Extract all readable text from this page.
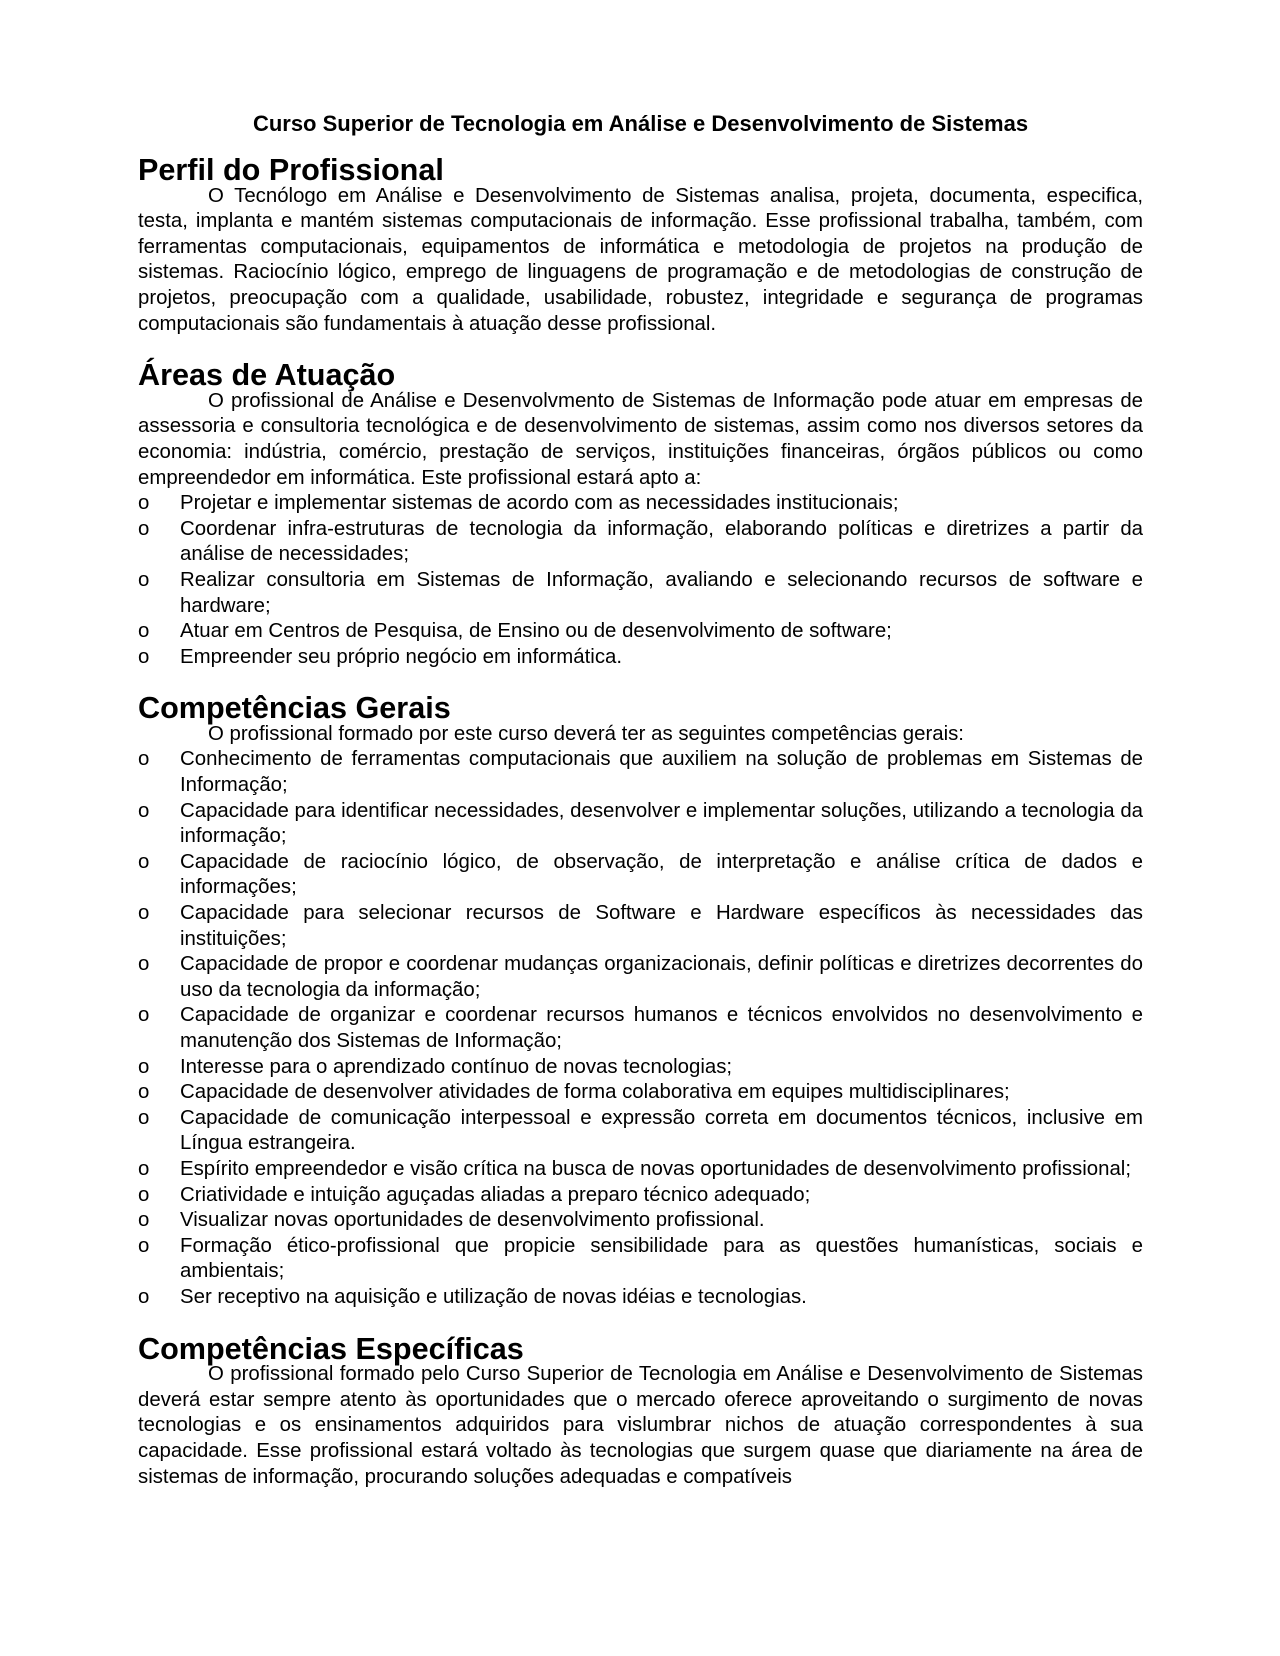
Curso Superior de Tecnologia em Análise e Desenvolvimento de Sistemas
Perfil do Profissional

O Tecnólogo em Análise e Desenvolvimento de Sistemas analisa, projeta, documenta, especifica, testa, implanta e mantém sistemas computacionais de informação. Esse profissional trabalha, também, com ferramentas computacionais, equipamentos de informática e metodologia de projetos na produção de sistemas. Raciocínio lógico, emprego de linguagens de programação e de metodologias de construção de projetos, preocupação com a qualidade, usabilidade, robustez, integridade e segurança de programas computacionais são fundamentais à atuação desse profissional.

Áreas de Atuação

O profissional de Análise e Desenvolvmento de Sistemas de Informação pode atuar em empresas de assessoria e consultoria tecnológica e de desenvolvimento de sistemas, assim como nos diversos setores da economia: indústria, comércio, prestação de serviços, instituições financeiras, órgãos públicos ou como empreendedor em informática. Este profissional estará apto a:

o Projetar e implementar sistemas de acordo com as necessidades institucionais;
o Coordenar infra-estruturas de tecnologia da informação, elaborando políticas e diretrizes a partir da análise de necessidades;
o Realizar consultoria em Sistemas de Informação, avaliando e selecionando recursos de software e hardware;
o Atuar em Centros de Pesquisa, de Ensino ou de desenvolvimento de software;
o Empreender seu próprio negócio em informática.
Competências Gerais

O profissional formado por este curso deverá ter as seguintes competências gerais:

o Conhecimento de ferramentas computacionais que auxiliem na solução de problemas em Sistemas de Informação;
o Capacidade para identificar necessidades, desenvolver e implementar soluções, utilizando a tecnologia da informação;
o Capacidade de raciocínio lógico, de observação, de interpretação e análise crítica de dados e informações;
o Capacidade para selecionar recursos de Software e Hardware específicos às necessidades das instituições;
o Capacidade de propor e coordenar mudanças organizacionais, definir políticas e diretrizes decorrentes do uso da tecnologia da informação;
o Capacidade de organizar e coordenar recursos humanos e técnicos envolvidos no desenvolvimento e manutenção dos Sistemas de Informação;
o Interesse para o aprendizado contínuo de novas tecnologias;
o Capacidade de desenvolver atividades de forma colaborativa em equipes multidisciplinares;
o Capacidade de comunicação interpessoal e expressão correta em documentos técnicos, inclusive em Língua estrangeira.
o Espírito empreendedor e visão crítica na busca de novas oportunidades de desenvolvimento profissional;
o Criatividade e intuição aguçadas aliadas a preparo técnico adequado;
o Visualizar novas oportunidades de desenvolvimento profissional.
o Formação ético-profissional que propicie sensibilidade para as questões humanísticas, sociais e ambientais;
o Ser receptivo na aquisição e utilização de novas idéias e tecnologias.
Competências Específicas

O profissional formado pelo Curso Superior de Tecnologia em Análise e Desenvolvimento de Sistemas deverá estar sempre atento às oportunidades que o mercado oferece aproveitando o surgimento de novas tecnologias e os ensinamentos adquiridos para vislumbrar nichos de atuação correspondentes à sua capacidade. Esse profissional estará voltado às tecnologias que surgem quase que diariamente na área de sistemas de informação, procurando soluções adequadas e compatíveis
